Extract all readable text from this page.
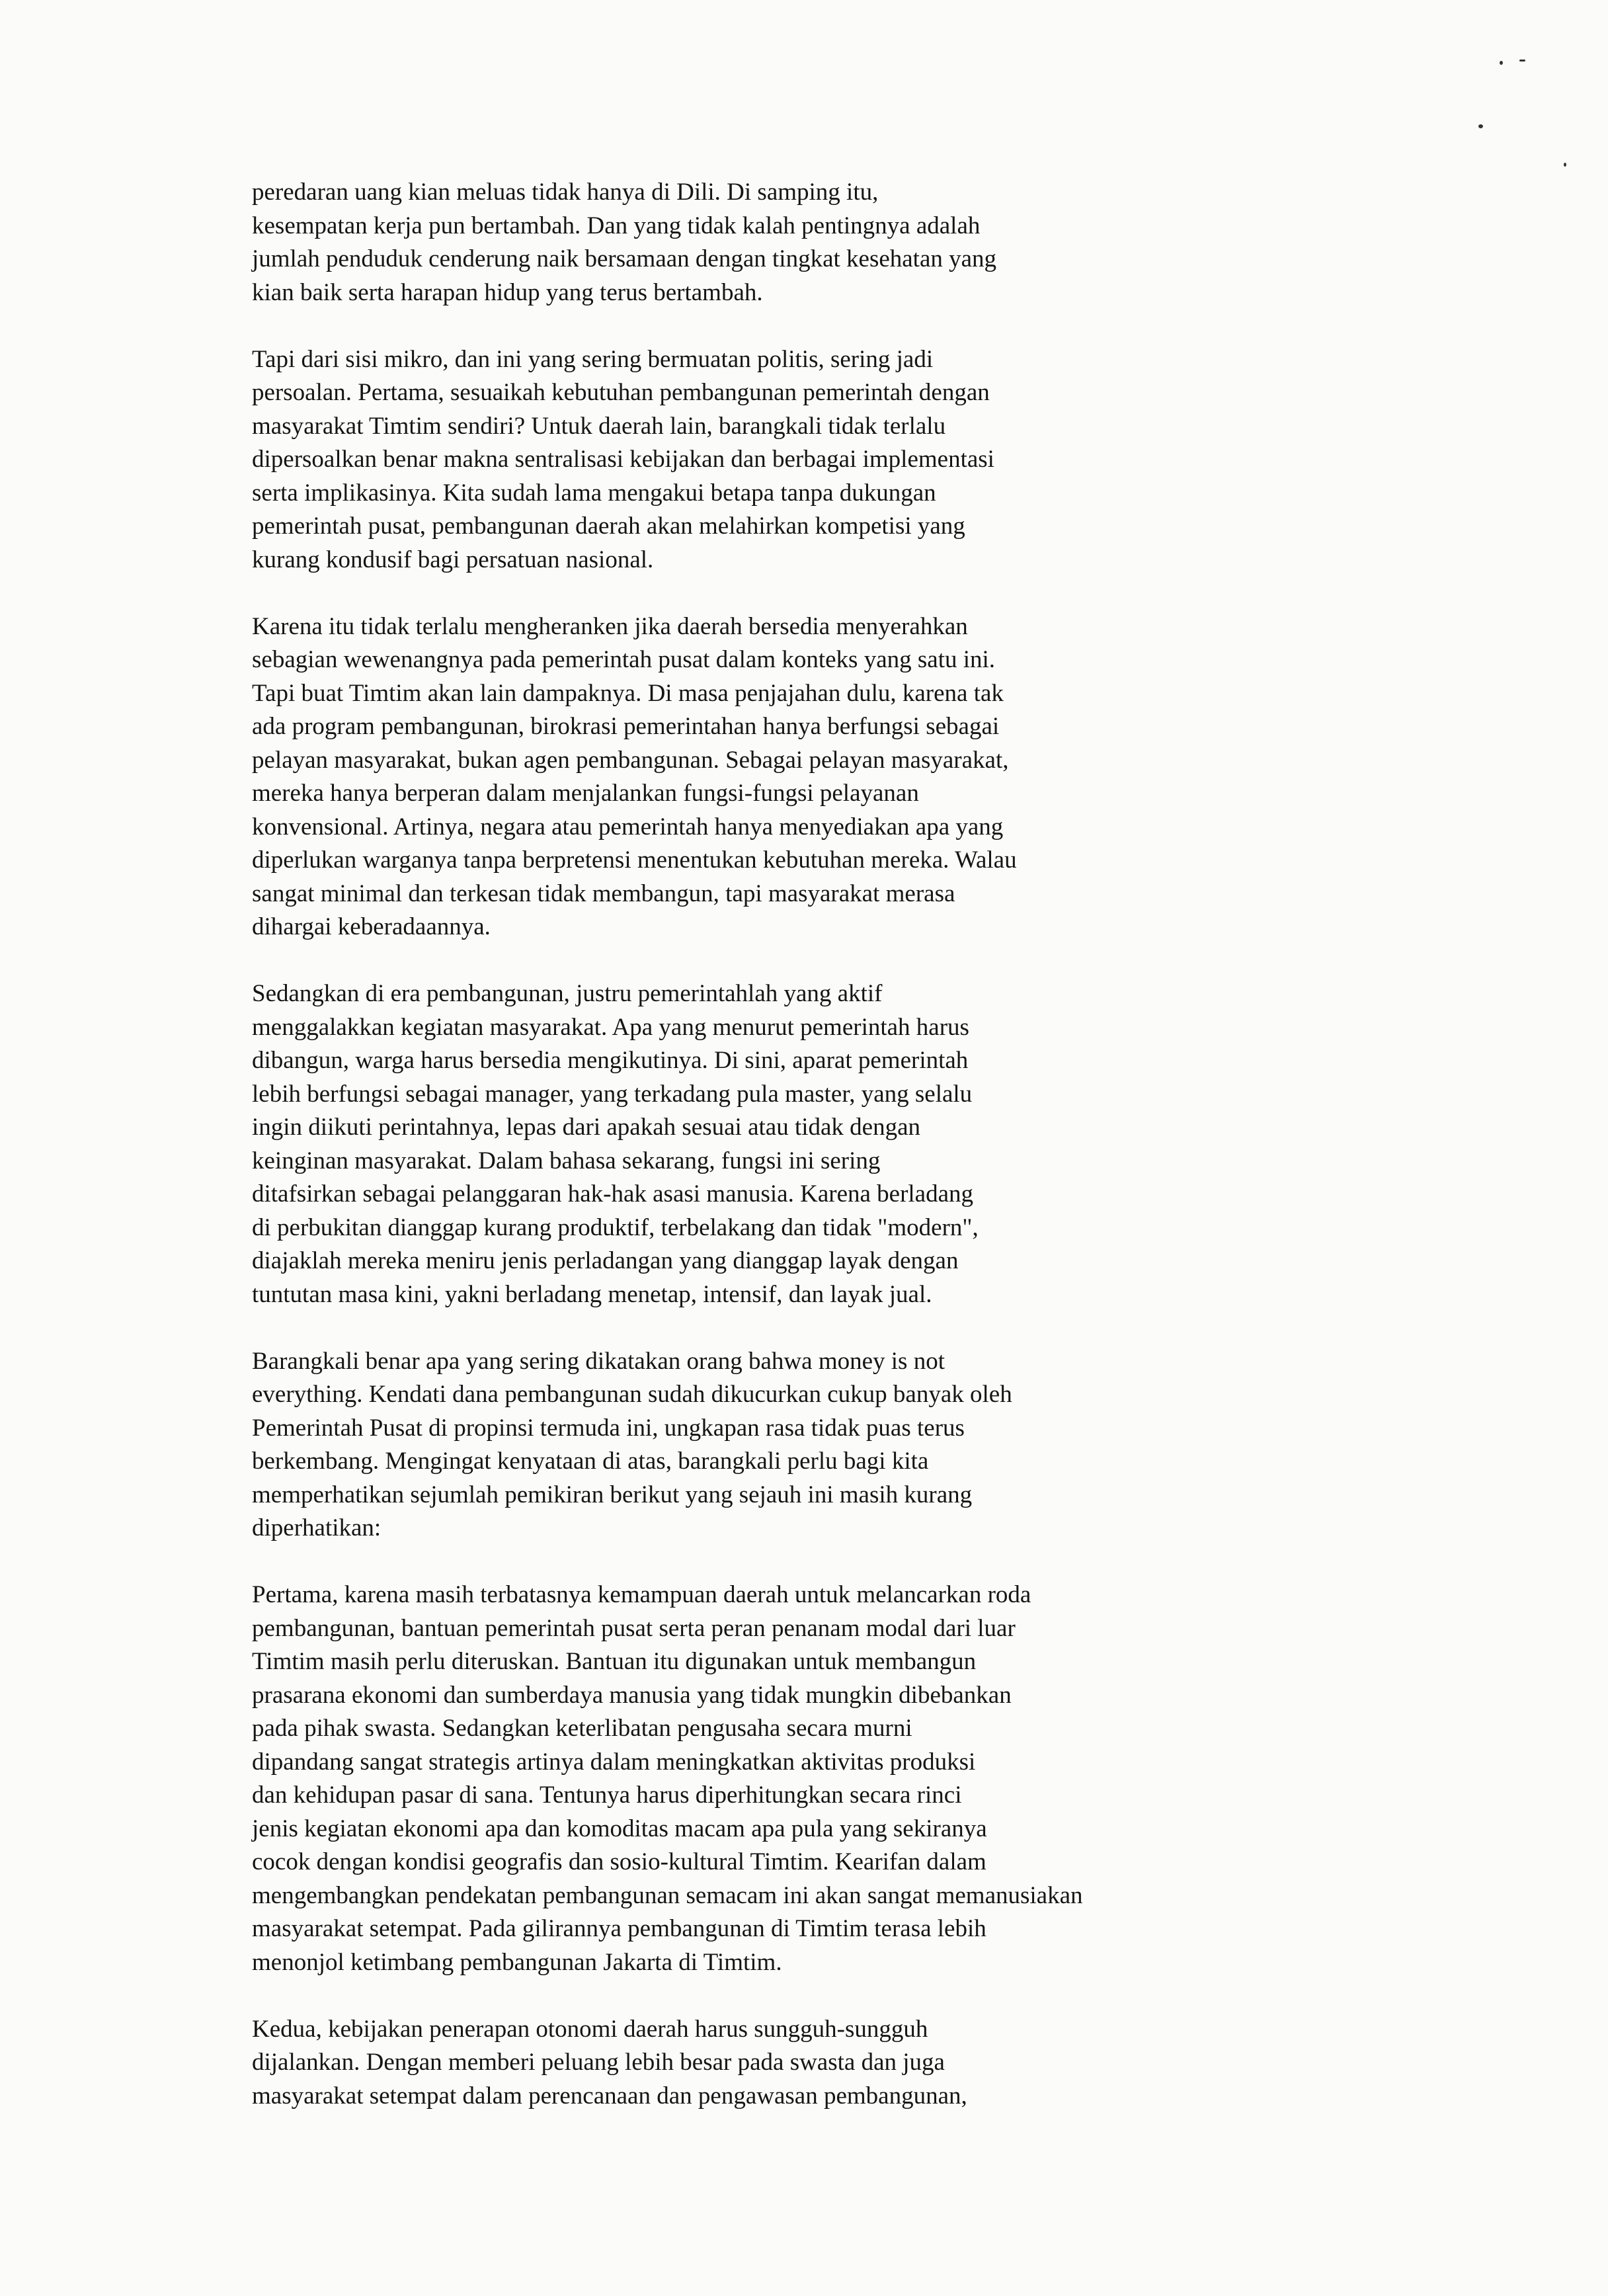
peredaran uang kian meluas tidak hanya di Dili. Di samping itu,
kesempatan kerja pun bertambah. Dan yang tidak kalah pentingnya adalah
jumlah penduduk cenderung naik bersamaan dengan tingkat kesehatan yang
kian baik serta harapan hidup yang terus bertambah.
Tapi dari sisi mikro, dan ini yang sering bermuatan politis, sering jadi
persoalan. Pertama, sesuaikah kebutuhan pembangunan pemerintah dengan
masyarakat Timtim sendiri? Untuk daerah lain, barangkali tidak terlalu
dipersoalkan benar makna sentralisasi kebijakan dan berbagai implementasi
serta implikasinya. Kita sudah lama mengakui betapa tanpa dukungan
pemerintah pusat, pembangunan daerah akan melahirkan kompetisi yang
kurang kondusif bagi persatuan nasional.
Karena itu tidak terlalu mengheranken jika daerah bersedia menyerahkan
sebagian wewenangnya pada pemerintah pusat dalam konteks yang satu ini.
Tapi buat Timtim akan lain dampaknya. Di masa penjajahan dulu, karena tak
ada program pembangunan, birokrasi pemerintahan hanya berfungsi sebagai
pelayan masyarakat, bukan agen pembangunan. Sebagai pelayan masyarakat,
mereka hanya berperan dalam menjalankan fungsi-fungsi pelayanan
konvensional. Artinya, negara atau pemerintah hanya menyediakan apa yang
diperlukan warganya tanpa berpretensi menentukan kebutuhan mereka. Walau
sangat minimal dan terkesan tidak membangun, tapi masyarakat merasa
dihargai keberadaannya.
Sedangkan di era pembangunan, justru pemerintahlah yang aktif
menggalakkan kegiatan masyarakat. Apa yang menurut pemerintah harus
dibangun, warga harus bersedia mengikutinya. Di sini, aparat pemerintah
lebih berfungsi sebagai manager, yang terkadang pula master, yang selalu
ingin diikuti perintahnya, lepas dari apakah sesuai atau tidak dengan
keinginan masyarakat. Dalam bahasa sekarang, fungsi ini sering
ditafsirkan sebagai pelanggaran hak-hak asasi manusia. Karena berladang
di perbukitan dianggap kurang produktif, terbelakang dan tidak "modern",
diajaklah mereka meniru jenis perladangan yang dianggap layak dengan
tuntutan masa kini, yakni berladang menetap, intensif, dan layak jual.
Barangkali benar apa yang sering dikatakan orang bahwa money is not
everything. Kendati dana pembangunan sudah dikucurkan cukup banyak oleh
Pemerintah Pusat di propinsi termuda ini, ungkapan rasa tidak puas terus
berkembang. Mengingat kenyataan di atas, barangkali perlu bagi kita
memperhatikan sejumlah pemikiran berikut yang sejauh ini masih kurang
diperhatikan:
Pertama, karena masih terbatasnya kemampuan daerah untuk melancarkan roda
pembangunan, bantuan pemerintah pusat serta peran penanam modal dari luar
Timtim masih perlu diteruskan. Bantuan itu digunakan untuk membangun
prasarana ekonomi dan sumberdaya manusia yang tidak mungkin dibebankan
pada pihak swasta. Sedangkan keterlibatan pengusaha secara murni
dipandang sangat strategis artinya dalam meningkatkan aktivitas produksi
dan kehidupan pasar di sana. Tentunya harus diperhitungkan secara rinci
jenis kegiatan ekonomi apa dan komoditas macam apa pula yang sekiranya
cocok dengan kondisi geografis dan sosio-kultural Timtim. Kearifan dalam
mengembangkan pendekatan pembangunan semacam ini akan sangat memanusiakan
masyarakat setempat. Pada gilirannya pembangunan di Timtim terasa lebih
menonjol ketimbang pembangunan Jakarta di Timtim.
Kedua, kebijakan penerapan otonomi daerah harus sungguh-sungguh
dijalankan. Dengan memberi peluang lebih besar pada swasta dan juga
masyarakat setempat dalam perencanaan dan pengawasan pembangunan,
